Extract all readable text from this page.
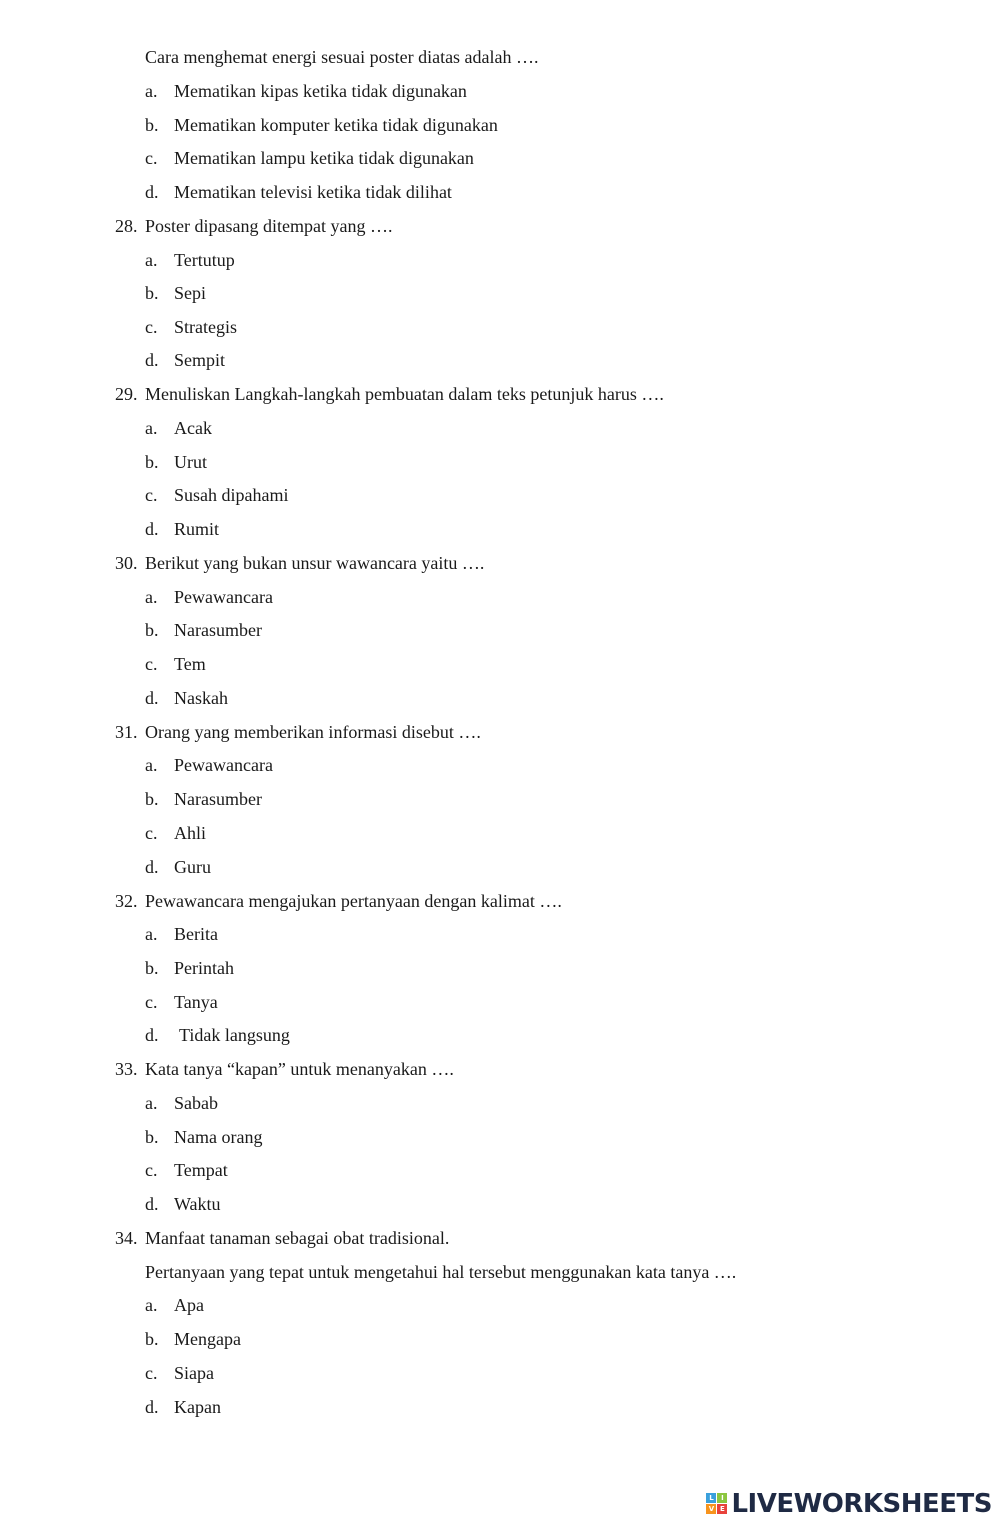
Cara menghemat energi sesuai poster diatas adalah ….
a. Mematikan kipas ketika tidak digunakan
b. Mematikan komputer ketika tidak digunakan
c. Mematikan lampu ketika tidak digunakan
d. Mematikan televisi ketika tidak dilihat
28. Poster dipasang ditempat yang ….
a. Tertutup
b. Sepi
c. Strategis
d. Sempit
29. Menuliskan Langkah-langkah pembuatan dalam teks petunjuk harus ….
a. Acak
b. Urut
c. Susah dipahami
d. Rumit
30. Berikut yang bukan unsur wawancara yaitu ….
a. Pewawancara
b. Narasumber
c. Tem
d. Naskah
31. Orang yang memberikan informasi disebut ….
a. Pewawancara
b. Narasumber
c. Ahli
d. Guru
32. Pewawancara mengajukan pertanyaan dengan kalimat ….
a. Berita
b. Perintah
c. Tanya
d. Tidak langsung
33. Kata tanya “kapan” untuk menanyakan ….
a. Sabab
b. Nama orang
c. Tempat
d. Waktu
34. Manfaat tanaman sebagai obat tradisional.
Pertanyaan yang tepat untuk mengetahui hal tersebut menggunakan kata tanya ….
a. Apa
b. Mengapa
c. Siapa
d. Kapan
L	I
V E LIVEWORKSHEETS
